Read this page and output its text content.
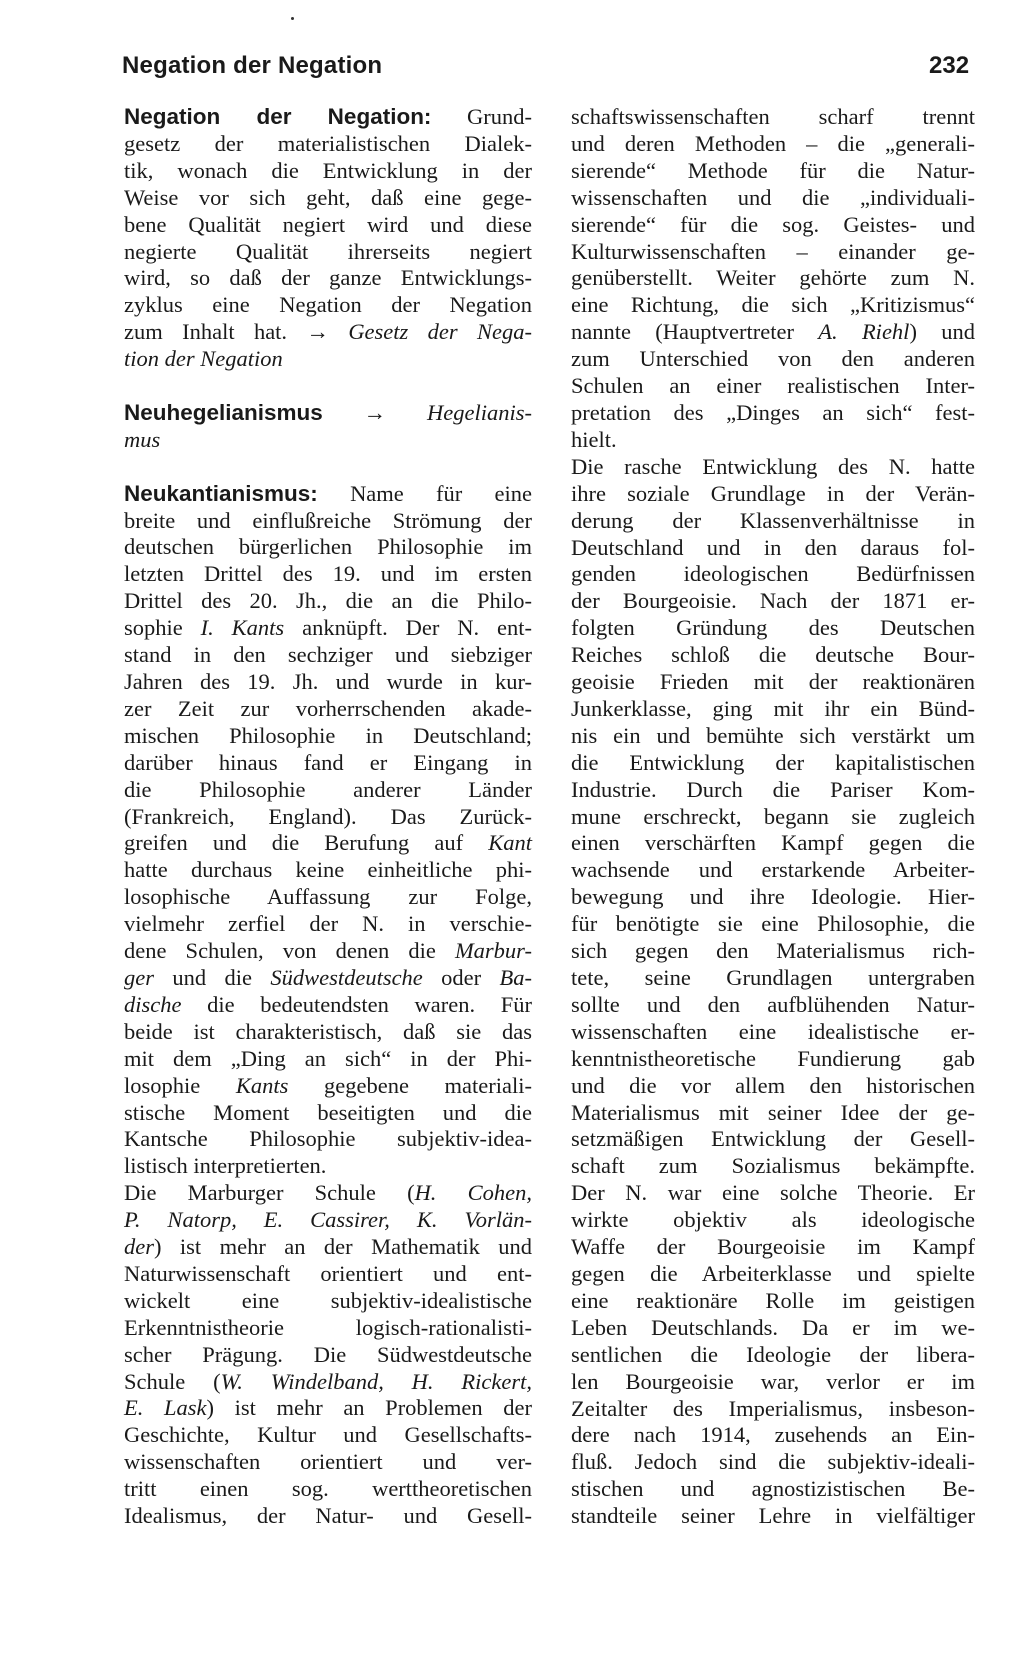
Negation der Negation	232
Negation der Negation: Grund-
gesetz der materialistischen Dialek-
tik, wonach die Entwicklung in der
Weise vor sich geht, daß eine gege-
bene Qualität negiert wird und diese
negierte Qualität ihrerseits negiert
wird, so daß der ganze Entwicklungs-
zyklus eine Negation der Negation
zum Inhalt hat. → Gesetz der Nega-
tion der Negation
Neuhegelianismus → Hegelianis-
mus
Neukantianismus: Name für eine
breite und einflußreiche Strömung der
deutschen bürgerlichen Philosophie im
letzten Drittel des 19. und im ersten
Drittel des 20. Jh., die an die Philo-
sophie I. Kants anknüpft. Der N. ent-
stand in den sechziger und siebziger
Jahren des 19. Jh. und wurde in kur-
zer Zeit zur vorherrschenden akade-
mischen Philosophie in Deutschland;
darüber hinaus fand er Eingang in
die Philosophie anderer Länder
(Frankreich, England). Das Zurück-
greifen und die Berufung auf Kant
hatte durchaus keine einheitliche phi-
losophische Auffassung zur Folge,
vielmehr zerfiel der N. in verschie-
dene Schulen, von denen die Marbur-
ger und die Südwestdeutsche oder Ba-
dische die bedeutendsten waren. Für
beide ist charakteristisch, daß sie das
mit dem „Ding an sich“ in der Phi-
losophie Kants gegebene materiali-
stische Moment beseitigten und die
Kantsche Philosophie subjektiv-idea-
listisch interpretierten.
Die Marburger Schule (H. Cohen,
P. Natorp, E. Cassirer, K. Vorlän-
der) ist mehr an der Mathematik und
Naturwissenschaft orientiert und ent-
wickelt eine subjektiv-idealistische
Erkenntnistheorie logisch-rationalisti-
scher Prägung. Die Südwestdeutsche
Schule (W. Windelband, H. Rickert,
E. Lask) ist mehr an Problemen der
Geschichte, Kultur und Gesellschafts-
wissenschaften orientiert und ver-
tritt einen sog. werttheoretischen
Idealismus, der Natur- und Gesell-
schaftswissenschaften scharf trennt
und deren Methoden – die „generali-
sierende“ Methode für die Natur-
wissenschaften und die „individuali-
sierende“ für die sog. Geistes- und
Kulturwissenschaften – einander ge-
genüberstellt. Weiter gehörte zum N.
eine Richtung, die sich „Kritizismus“
nannte (Hauptvertreter A. Riehl) und
zum Unterschied von den anderen
Schulen an einer realistischen Inter-
pretation des „Dinges an sich“ fest-
hielt.
Die rasche Entwicklung des N. hatte
ihre soziale Grundlage in der Verän-
derung der Klassenverhältnisse in
Deutschland und in den daraus fol-
genden ideologischen Bedürfnissen
der Bourgeoisie. Nach der 1871 er-
folgten Gründung des Deutschen
Reiches schloß die deutsche Bour-
geoisie Frieden mit der reaktionären
Junkerklasse, ging mit ihr ein Bünd-
nis ein und bemühte sich verstärkt um
die Entwicklung der kapitalistischen
Industrie. Durch die Pariser Kom-
mune erschreckt, begann sie zugleich
einen verschärften Kampf gegen die
wachsende und erstarkende Arbeiter-
bewegung und ihre Ideologie. Hier-
für benötigte sie eine Philosophie, die
sich gegen den Materialismus rich-
tete, seine Grundlagen untergraben
sollte und den aufblühenden Natur-
wissenschaften eine idealistische er-
kenntnistheoretische Fundierung gab
und die vor allem den historischen
Materialismus mit seiner Idee der ge-
setzmäßigen Entwicklung der Gesell-
schaft zum Sozialismus bekämpfte.
Der N. war eine solche Theorie. Er
wirkte objektiv als ideologische
Waffe der Bourgeoisie im Kampf
gegen die Arbeiterklasse und spielte
eine reaktionäre Rolle im geistigen
Leben Deutschlands. Da er im we-
sentlichen die Ideologie der libera-
len Bourgeoisie war, verlor er im
Zeitalter des Imperialismus, insbeson-
dere nach 1914, zusehends an Ein-
fluß. Jedoch sind die subjektiv-ideali-
stischen und agnostizistischen Be-
standteile seiner Lehre in vielfältiger
